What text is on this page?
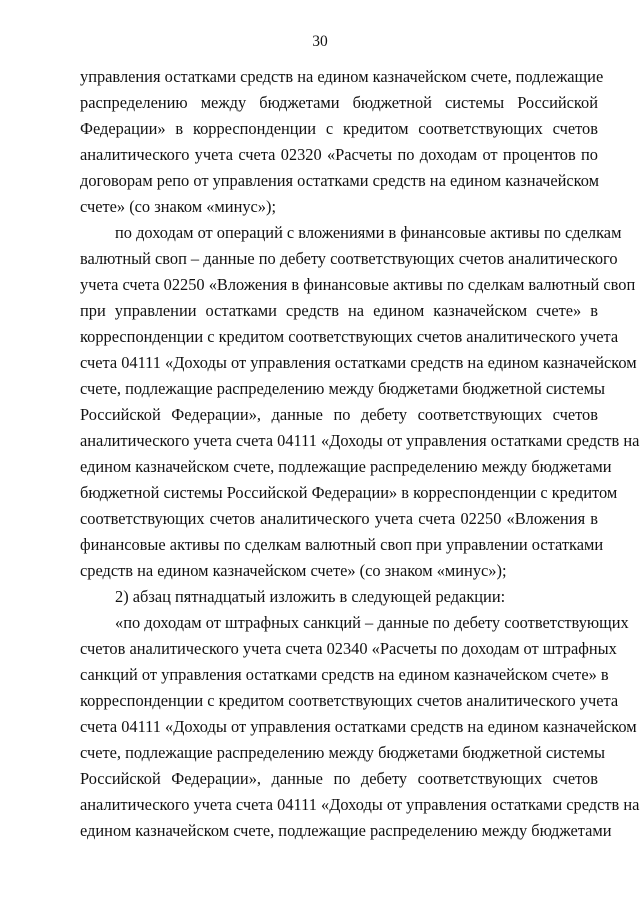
30
управления остатками средств на едином казначейском счете, подлежащие
распределению между бюджетами бюджетной системы Российской
Федерации» в корреспонденции с кредитом соответствующих счетов
аналитического учета счета 02320 «Расчеты по доходам от процентов по
договорам репо от управления остатками средств на едином казначейском
счете» (со знаком «минус»);
по доходам от операций с вложениями в финансовые активы по сделкам
валютный своп – данные по дебету соответствующих счетов аналитического
учета счета 02250 «Вложения в финансовые активы по сделкам валютный своп
при управлении остатками средств на едином казначейском счете» в
корреспонденции с кредитом соответствующих счетов аналитического учета
счета 04111 «Доходы от управления остатками средств на едином казначейском
счете, подлежащие распределению между бюджетами бюджетной системы
Российской Федерации», данные по дебету соответствующих счетов
аналитического учета счета 04111 «Доходы от управления остатками средств на
едином казначейском счете, подлежащие распределению между бюджетами
бюджетной системы Российской Федерации» в корреспонденции с кредитом
соответствующих счетов аналитического учета счета 02250 «Вложения в
финансовые активы по сделкам валютный своп при управлении остатками
средств на едином казначейском счете» (со знаком «минус»);
2) абзац пятнадцатый изложить в следующей редакции:
«по доходам от штрафных санкций – данные по дебету соответствующих
счетов аналитического учета счета 02340 «Расчеты по доходам от штрафных
санкций от управления остатками средств на едином казначейском счете» в
корреспонденции с кредитом соответствующих счетов аналитического учета
счета 04111 «Доходы от управления остатками средств на едином казначейском
счете, подлежащие распределению между бюджетами бюджетной системы
Российской Федерации», данные по дебету соответствующих счетов
аналитического учета счета 04111 «Доходы от управления остатками средств на
едином казначейском счете, подлежащие распределению между бюджетами
